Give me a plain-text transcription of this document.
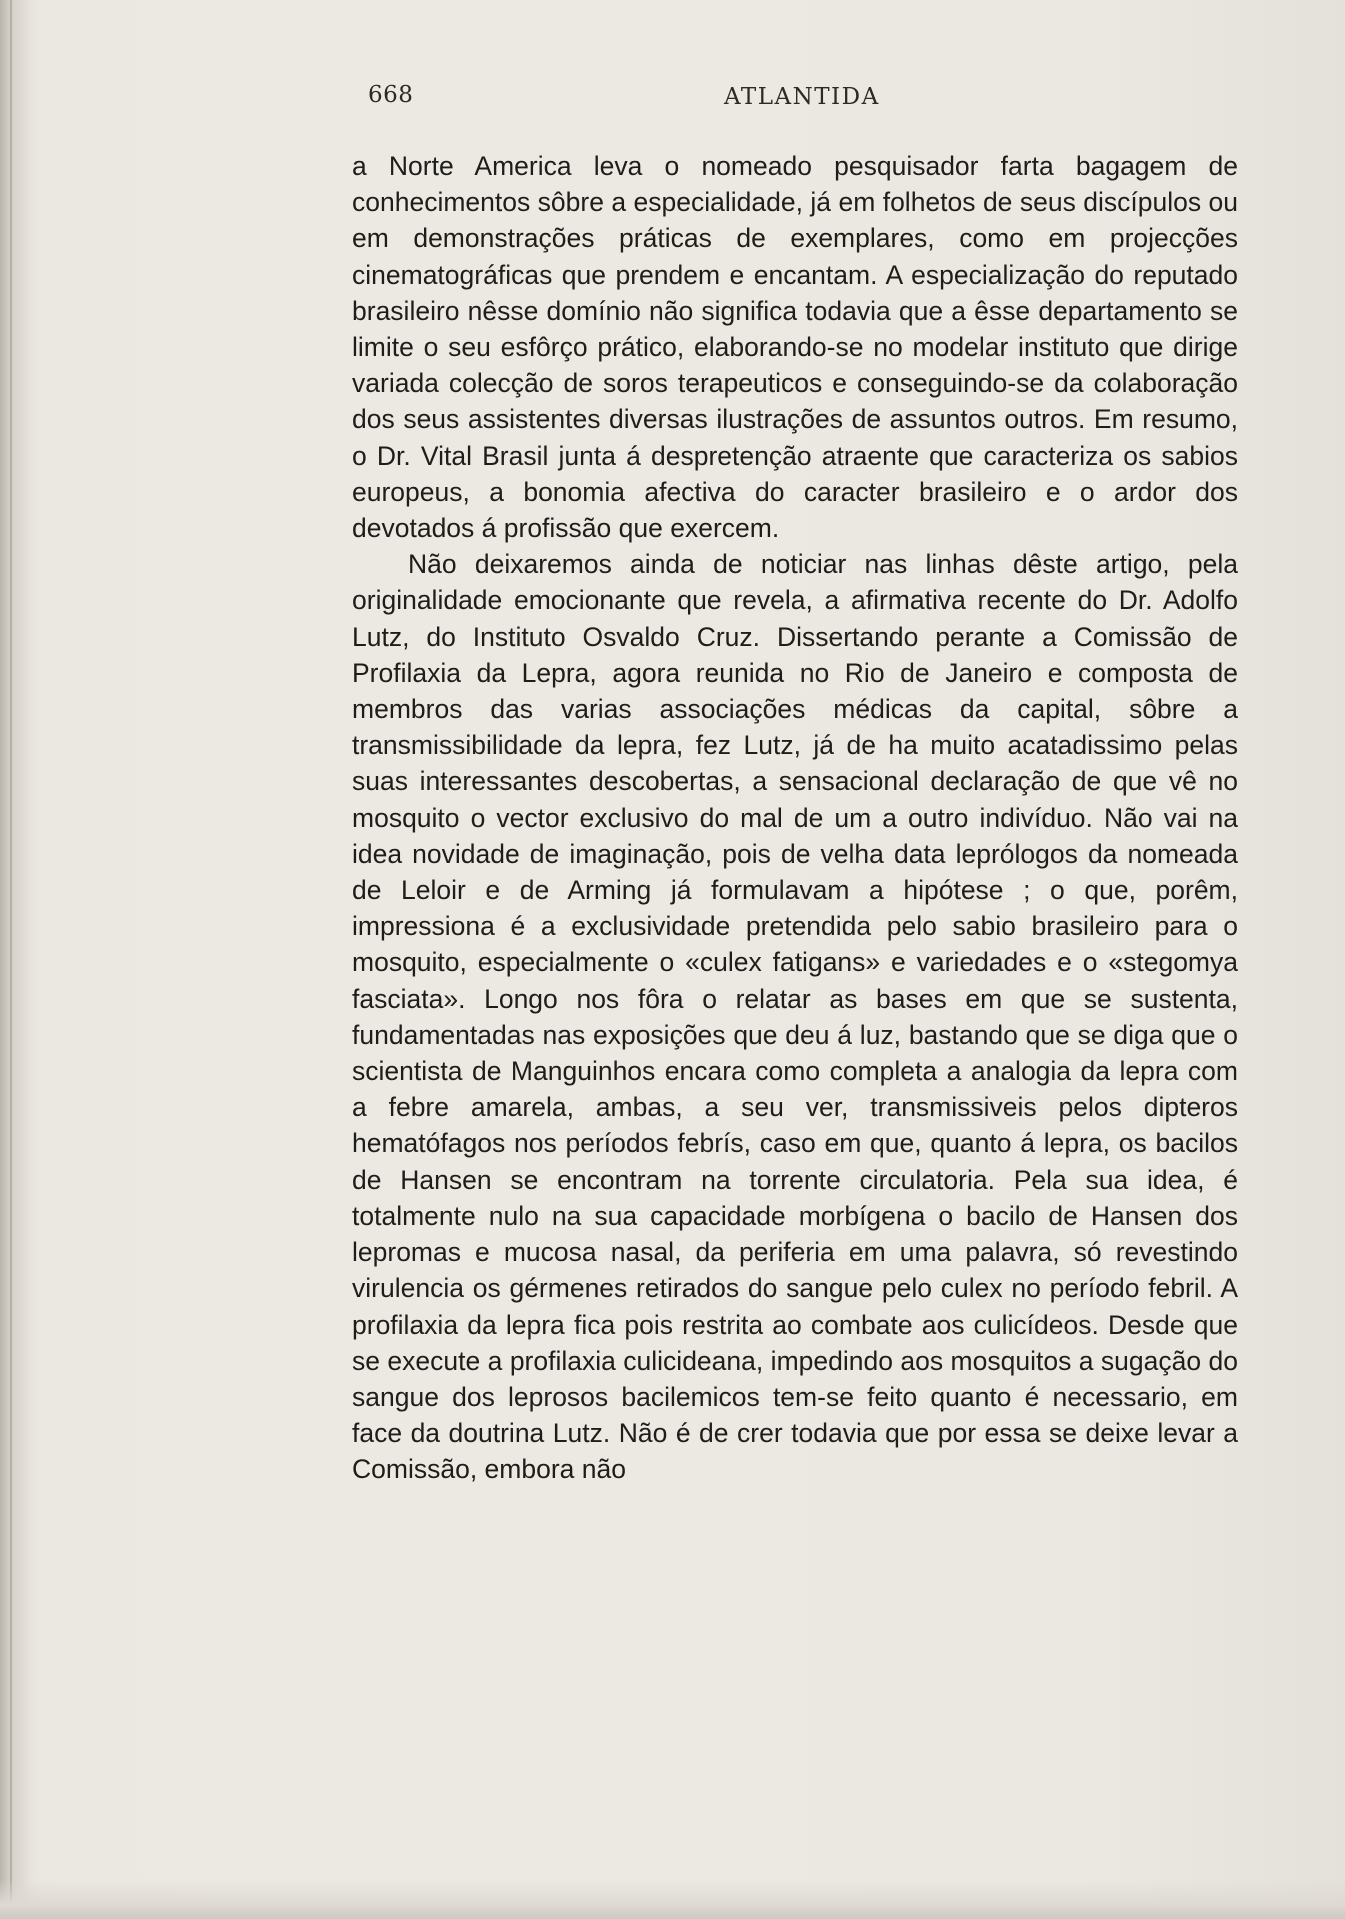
668	ATLANTIDA

a Norte America leva o nomeado pesquisador farta bagagem de conhecimentos sôbre a especialidade, já em folhetos de seus discípulos ou em demonstrações práticas de exemplares, como em projecções cinematográficas que prendem e encantam. A especialização do reputado brasileiro nêsse domínio não significa todavia que a êsse departamento se limite o seu esfôrço prático, elaborando-se no modelar instituto que dirige variada colecção de soros terapeuticos e conseguindo-se da colaboração dos seus assistentes diversas ilustrações de assuntos outros. Em resumo, o Dr. Vital Brasil junta á despretenção atraente que caracteriza os sabios europeus, a bonomia afectiva do caracter brasileiro e o ardor dos devotados á profissão que exercem.

Não deixaremos ainda de noticiar nas linhas dêste artigo, pela originalidade emocionante que revela, a afirmativa recente do Dr. Adolfo Lutz, do Instituto Osvaldo Cruz. Dissertando perante a Comissão de Profilaxia da Lepra, agora reunida no Rio de Janeiro e composta de membros das varias associações médicas da capital, sôbre a transmissibilidade da lepra, fez Lutz, já de ha muito acatadissimo pelas suas interessantes descobertas, a sensacional declaração de que vê no mosquito o vector exclusivo do mal de um a outro indivíduo. Não vai na idea novidade de imaginação, pois de velha data leprólogos da nomeada de Leloir e de Arming já formulavam a hipótese ; o que, porêm, impressiona é a exclusividade pretendida pelo sabio brasileiro para o mosquito, especialmente o «culex fatigans» e variedades e o «stegomya fasciata». Longo nos fôra o relatar as bases em que se sustenta, fundamentadas nas exposições que deu á luz, bastando que se diga que o scientista de Manguinhos encara como completa a analogia da lepra com a febre amarela, ambas, a seu ver, transmissiveis pelos dipteros hematófagos nos períodos febrís, caso em que, quanto á lepra, os bacilos de Hansen se encontram na torrente circulatoria. Pela sua idea, é totalmente nulo na sua capacidade morbígena o bacilo de Hansen dos lepromas e mucosa nasal, da periferia em uma palavra, só revestindo virulencia os gérmenes retirados do sangue pelo culex no período febril. A profilaxia da lepra fica pois restrita ao combate aos culicídeos. Desde que se execute a profilaxia culicideana, impedindo aos mosquitos a sugação do sangue dos leprosos bacilemicos tem-se feito quanto é necessario, em face da doutrina Lutz. Não é de crer todavia que por essa se deixe levar a Comissão, embora não
